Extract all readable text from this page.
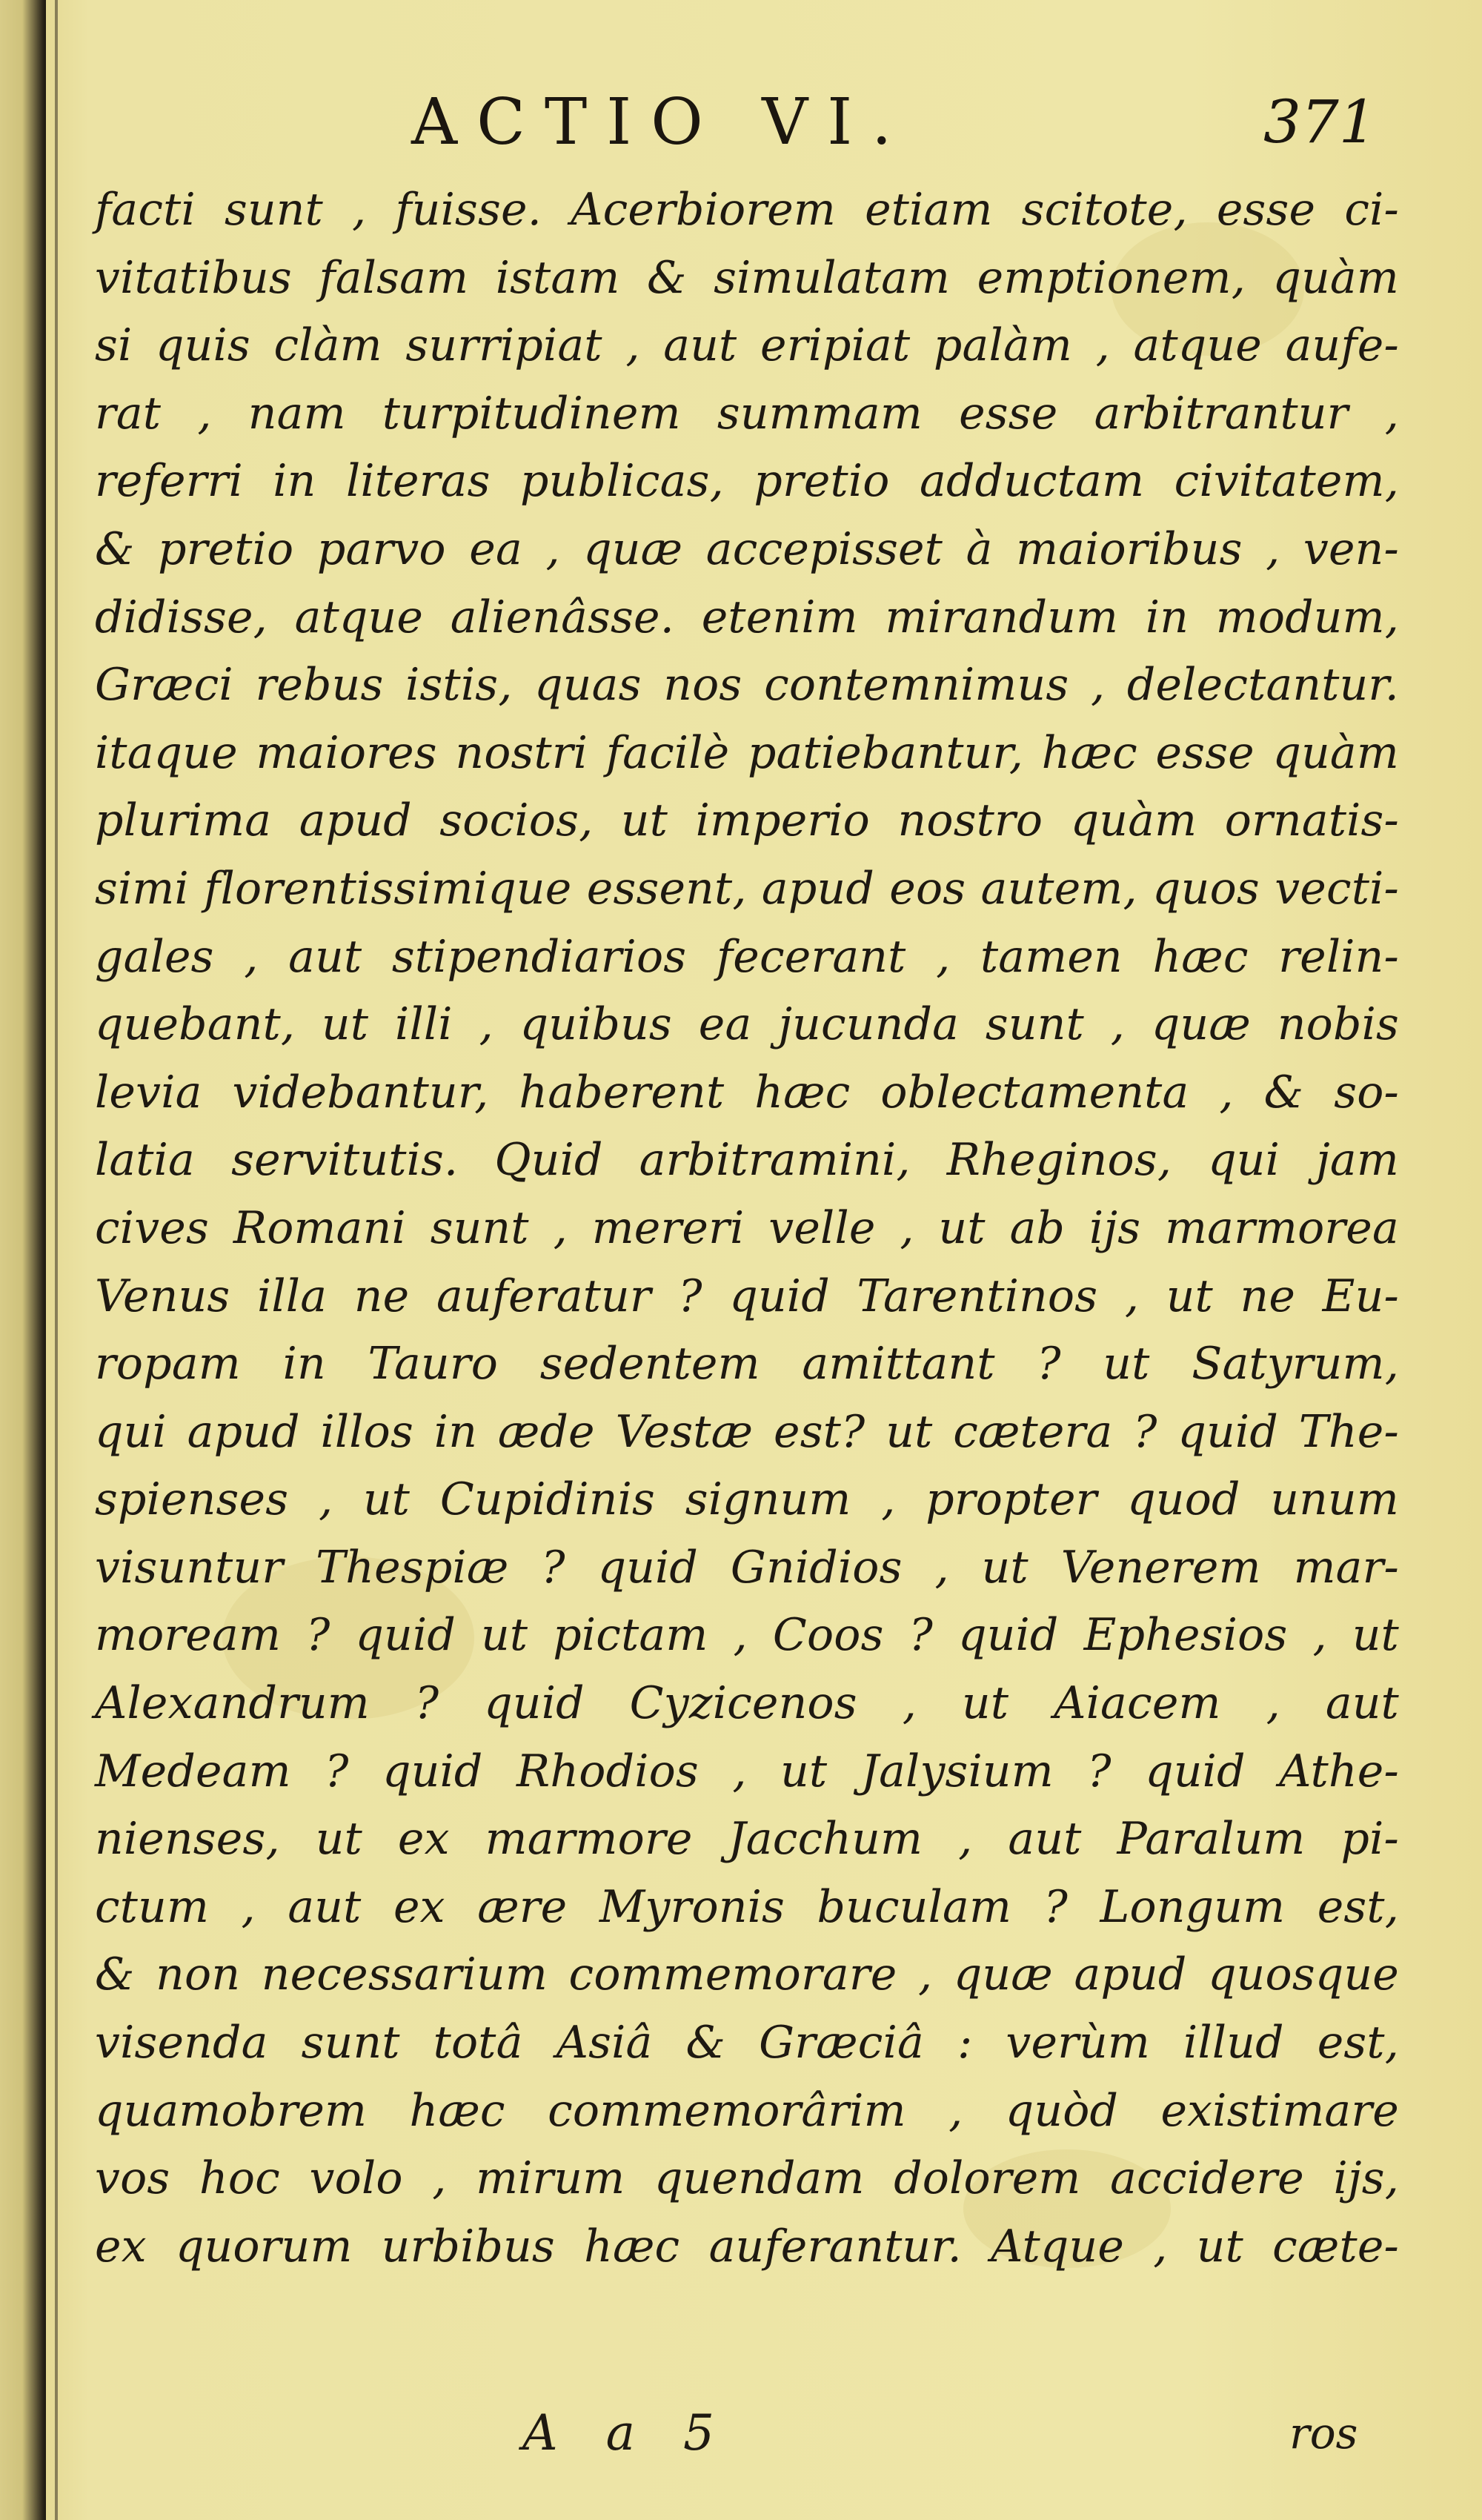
ACTIO VI.	371
facti sunt , fuisse. Acerbiorem etiam scitote, esse ci-
vitatibus falsam istam & simulatam emptionem, quàm
si quis clàm surripiat , aut eripiat palàm , atque aufe-
rat , nam turpitudinem summam esse arbitrantur ,
referri in literas publicas, pretio adductam civitatem,
& pretio parvo ea , quæ accepisset à maioribus , ven-
didisse, atque alienâsse. etenim mirandum in modum,
Græci rebus istis, quas nos contemnimus , delectantur.
itaque maiores nostri facilè patiebantur, hæc esse quàm
plurima apud socios, ut imperio nostro quàm ornatis-
simi florentissimique essent, apud eos autem, quos vecti-
gales , aut stipendiarios fecerant , tamen hæc relin-
quebant, ut illi , quibus ea jucunda sunt , quæ nobis
levia videbantur, haberent hæc oblectamenta , & so-
latia servitutis. Quid arbitramini, Rheginos, qui jam
cives Romani sunt , mereri velle , ut ab ijs marmorea
Venus illa ne auferatur ? quid Tarentinos , ut ne Eu-
ropam in Tauro sedentem amittant ? ut Satyrum,
qui apud illos in æde Vestæ est? ut cætera ? quid The-
spienses , ut Cupidinis signum , propter quod unum
visuntur Thespiæ ? quid Gnidios , ut Venerem mar-
moream ? quid ut pictam , Coos ? quid Ephesios , ut
Alexandrum ? quid Cyzicenos , ut Aiacem , aut
Medeam ? quid Rhodios , ut Jalysium ? quid Athe-
nienses, ut ex marmore Jacchum , aut Paralum pi-
ctum , aut ex ære Myronis buculam ? Longum est,
& non necessarium commemorare , quæ apud quosque
visenda sunt totâ Asiâ & Græciâ : verùm illud est,
quamobrem hæc commemorârim , quòd existimare
vos hoc volo , mirum quendam dolorem accidere ijs,
ex quorum urbibus hæc auferantur. Atque , ut cæte-
A a 5	ros
